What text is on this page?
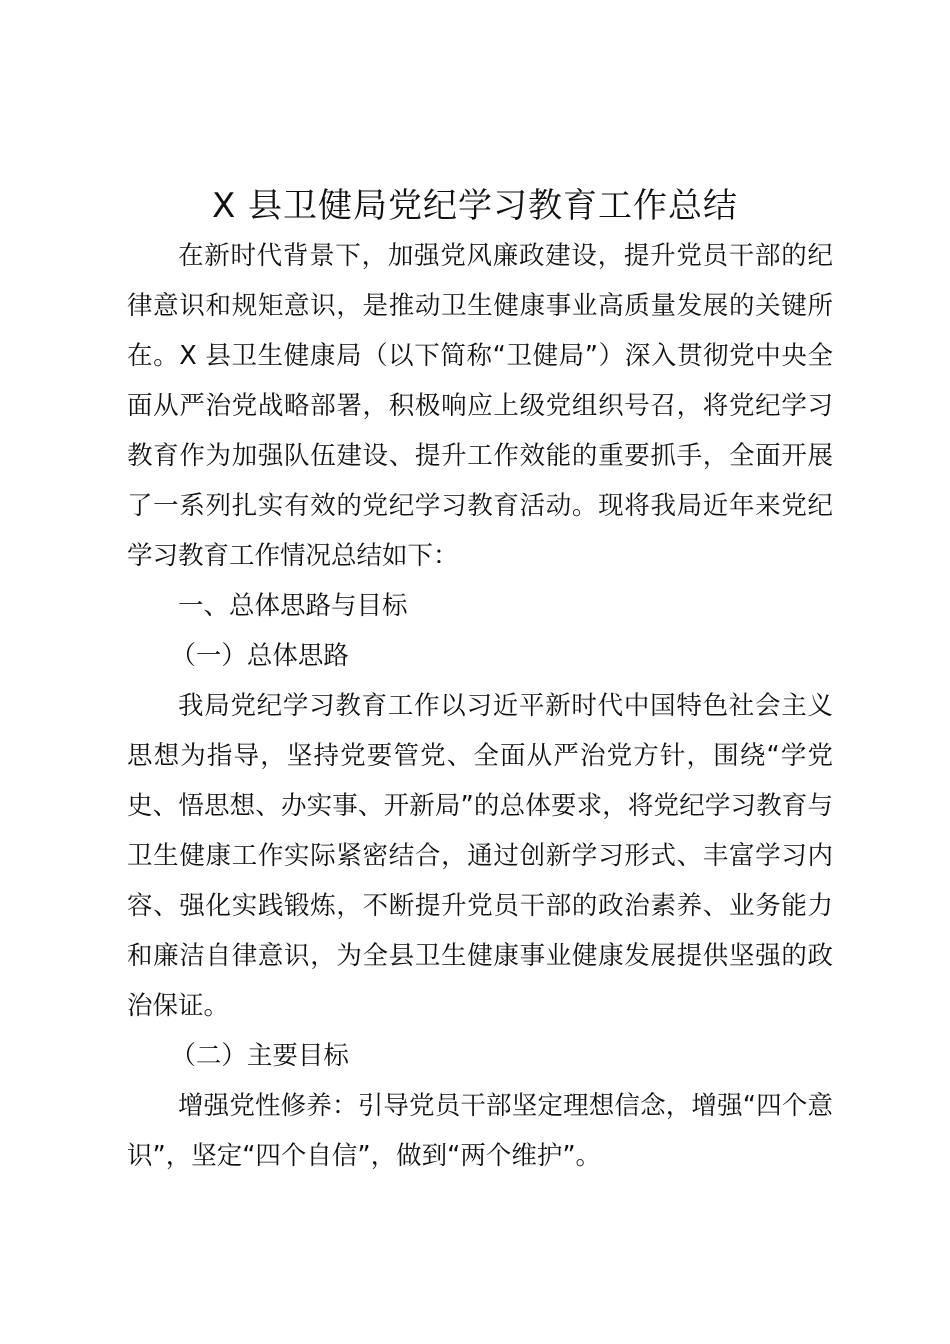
X 县卫健局党纪学习教育工作总结

在新时代背景下，加强党风廉政建设，提升党员干部的纪律意识和规矩意识，是推动卫生健康事业高质量发展的关键所在。X 县卫生健康局（以下简称“卫健局”）深入贯彻党中央全面从严治党战略部署，积极响应上级党组织号召，将党纪学习教育作为加强队伍建设、提升工作效能的重要抓手，全面开展了一系列扎实有效的党纪学习教育活动。现将我局近年来党纪学习教育工作情况总结如下：

一、总体思路与目标

（一）总体思路

我局党纪学习教育工作以习近平新时代中国特色社会主义思想为指导，坚持党要管党、全面从严治党方针，围绕“学党史、悟思想、办实事、开新局”的总体要求，将党纪学习教育与卫生健康工作实际紧密结合，通过创新学习形式、丰富学习内容、强化实践锻炼，不断提升党员干部的政治素养、业务能力和廉洁自律意识，为全县卫生健康事业健康发展提供坚强的政治保证。

（二）主要目标

增强党性修养：引导党员干部坚定理想信念，增强“四个意识”，坚定“四个自信”，做到“两个维护”。
